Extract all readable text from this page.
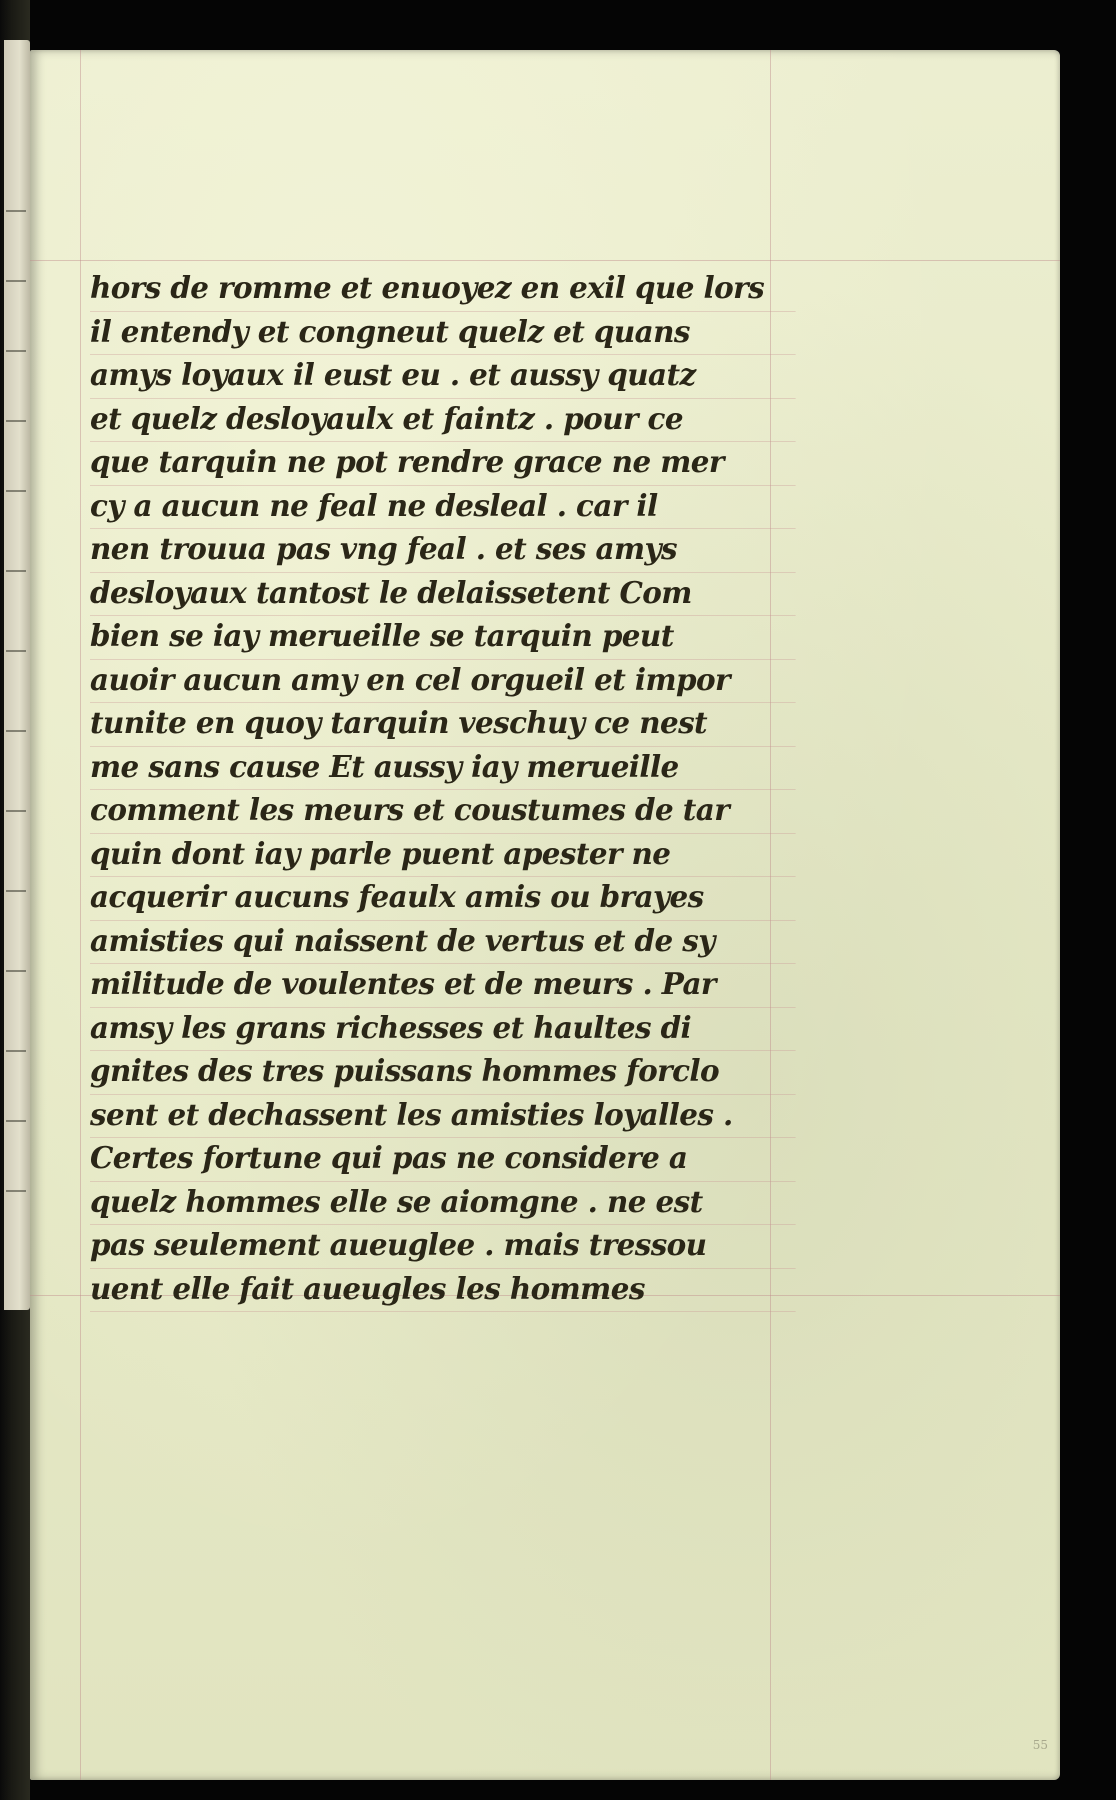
hors de romme et enuoyez en exil que lors
il entendy et congneut quelz et quans
amys loyaux il eust eu . et aussy quatz
et quelz desloyaulx et faintz . pour ce
que tarquin ne pot rendre grace ne mer
cy a aucun ne feal ne desleal . car il
nen trouua pas vng feal . et ses amys
desloyaux tantost le delaissetent Com
bien se iay merueille se tarquin peut
auoir aucun amy en cel orgueil et impor
tunite en quoy tarquin veschuy ce nest
me sans cause Et aussy iay merueille
comment les meurs et coustumes de tar
quin dont iay parle puent apester ne
acquerir aucuns feaulx amis ou brayes
amisties qui naissent de vertus et de sy
militude de voulentes et de meurs . Par
amsy les grans richesses et haultes di
gnites des tres puissans hommes forclo
sent et dechassent les amisties loyalles .
Certes fortune qui pas ne considere a
quelz hommes elle se aiomgne . ne est
pas seulement aueuglee . mais tressou
uent elle fait aueugles les hommes
55
